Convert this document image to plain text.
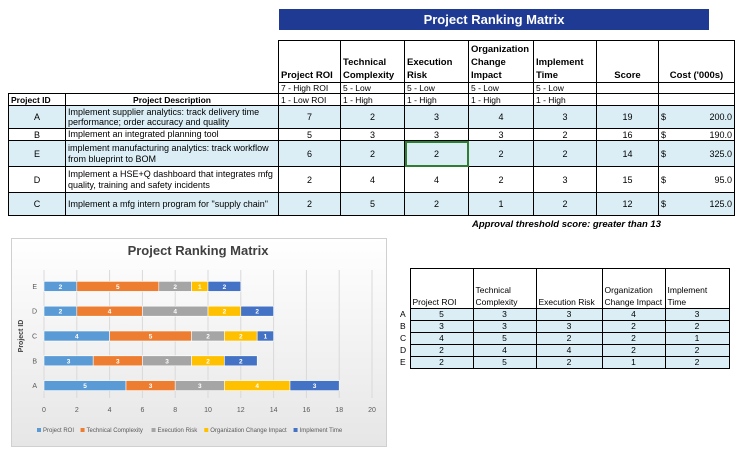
Project Ranking Matrix
		Project ROI	Technical Complexity	Execution Risk	Organization Change Impact	Implement Time	Score	Cost ('000s)
		7 - High ROI	5 - Low	5 - Low	5 - Low	5 - Low		
Project ID	Project Description	1 - Low ROI	1 - High	1 - High	1 - High	1 - High		
A	Implement supplier analytics: track delivery time performance; order accuracy and quality	7	2	3	4	3	19	$ 200.0

B	Implement an integrated planning tool	5	3	3	3	2	16	$ 190.0

E	implement manufacturing analytics: track workflow from blueprint to BOM	6	2	2	2	2	14	$ 325.0

D	Implement a HSE+Q dashboard that integrates mfg quality, training and safety incidents	2	4	4	2	3	15	$ 95.0

C	Implement a mfg intern program for "supply chain"	2	5	2	1	2	12	$ 125.0
Approval threshold score: greater than 13
Project Ranking Matrix
0	2	4	6	8	10	12	14	16	18	20
Project ID
A	5	3	3	4	3
B	3	3	3	2	2
C	4	5	2	2	1
D	2	4	4	2	2
E	2	5	2	1	2
Project ROI Technical Complexity Execution Risk Organization Change Impact Implement Time
	Project ROI	Technical Complexity	Execution Risk	Organization Change Impact	Implement Time
A	5	3	3	4	3
B	3	3	3	2	2
C	4	5	2	2	1
D	2	4	4	2	2
E	2	5	2	1	2
